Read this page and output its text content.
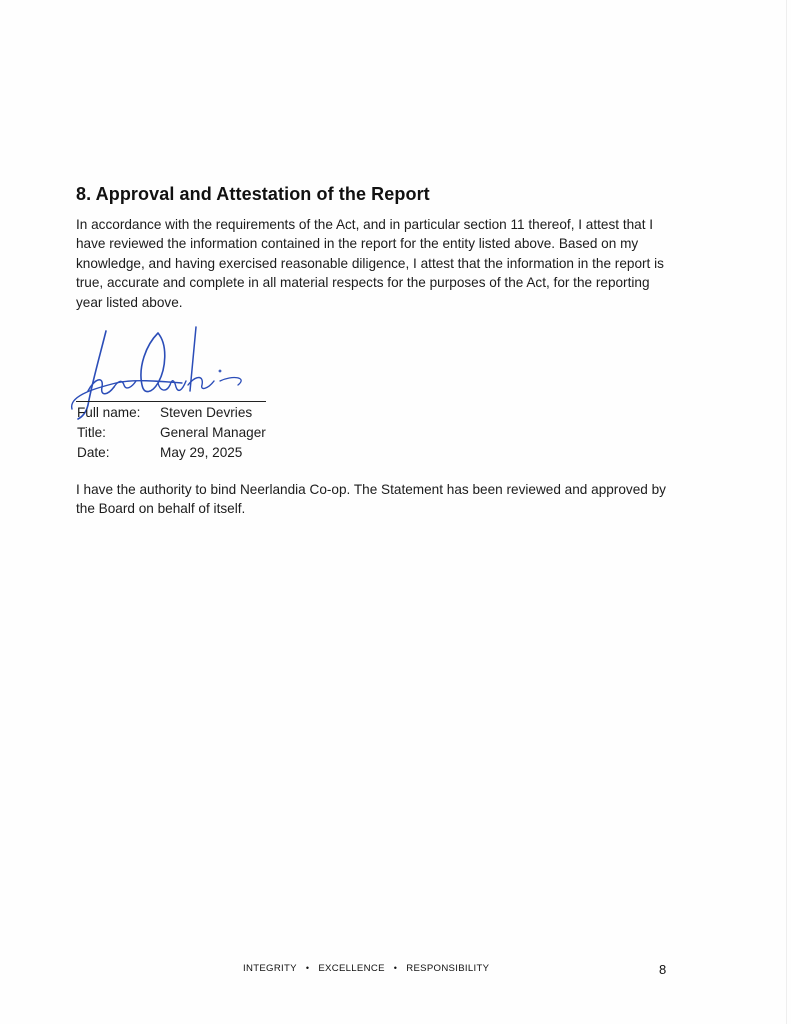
8. Approval and Attestation of the Report

In accordance with the requirements of the Act, and in particular section 11 thereof, I attest that I have reviewed the information contained in the report for the entity listed above. Based on my knowledge, and having exercised reasonable diligence, I attest that the information in the report is true, accurate and complete in all material respects for the purposes of the Act, for the reporting year listed above.

Full name:	Steven Devries
Title:	General Manager
Date:	May 29, 2025

I have the authority to bind Neerlandia Co-op. The Statement has been reviewed and approved by the Board on behalf of itself.

INTEGRITY • EXCELLENCE • RESPONSIBILITY	8
